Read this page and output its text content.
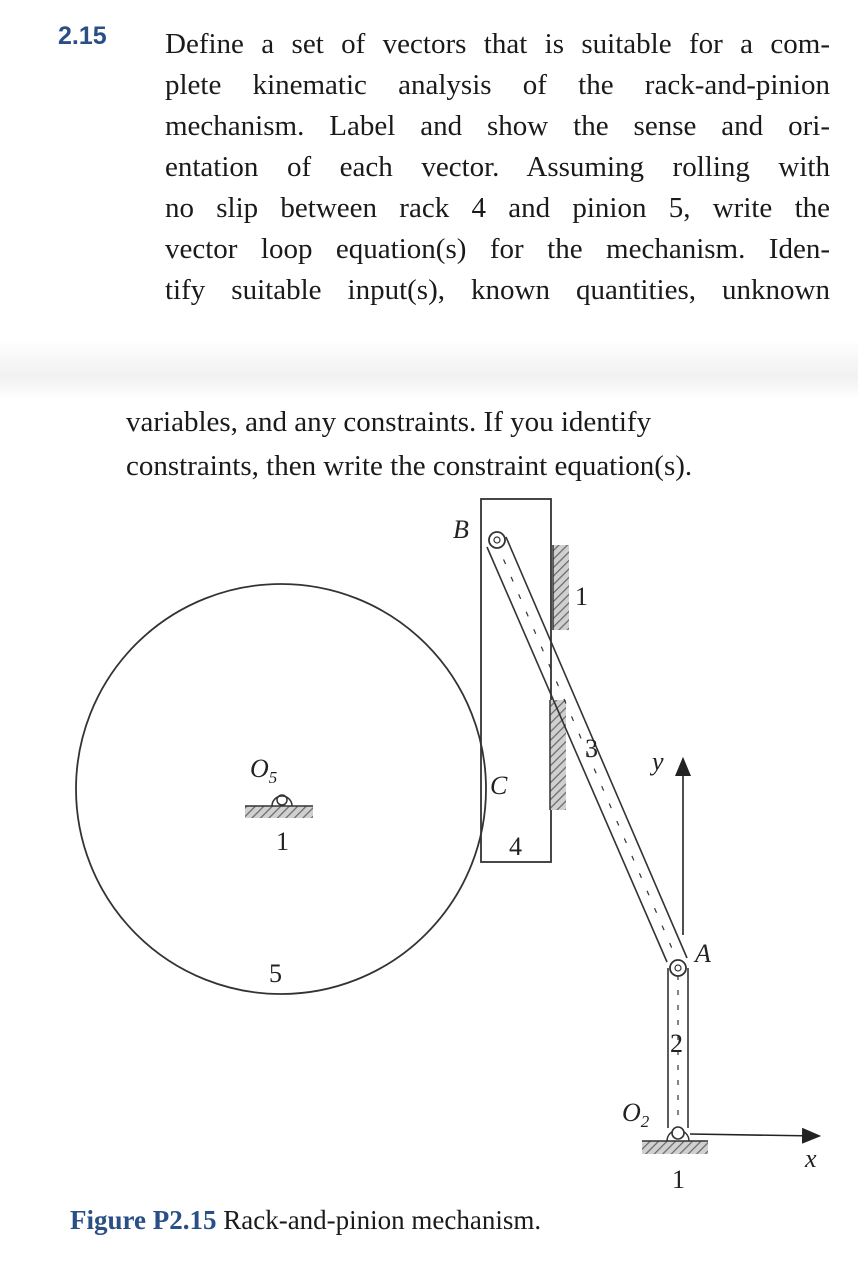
2.15 Define a set of vectors that is suitable for a com-
plete kinematic analysis of the rack-and-pinion
mechanism. Label and show the sense and ori-
entation of each vector. Assuming rolling with
no slip between rack 4 and pinion 5, write the
vector loop equation(s) for the mechanism. Iden-
tify suitable input(s), known quantities, unknown
variables, and any constraints. If you identify
constraints, then write the constraint equation(s).
B
C
A
y
x
$O_5$
$O_2$
1
1
1
2
3
4
5
Figure P2.15 Rack-and-pinion mechanism.
